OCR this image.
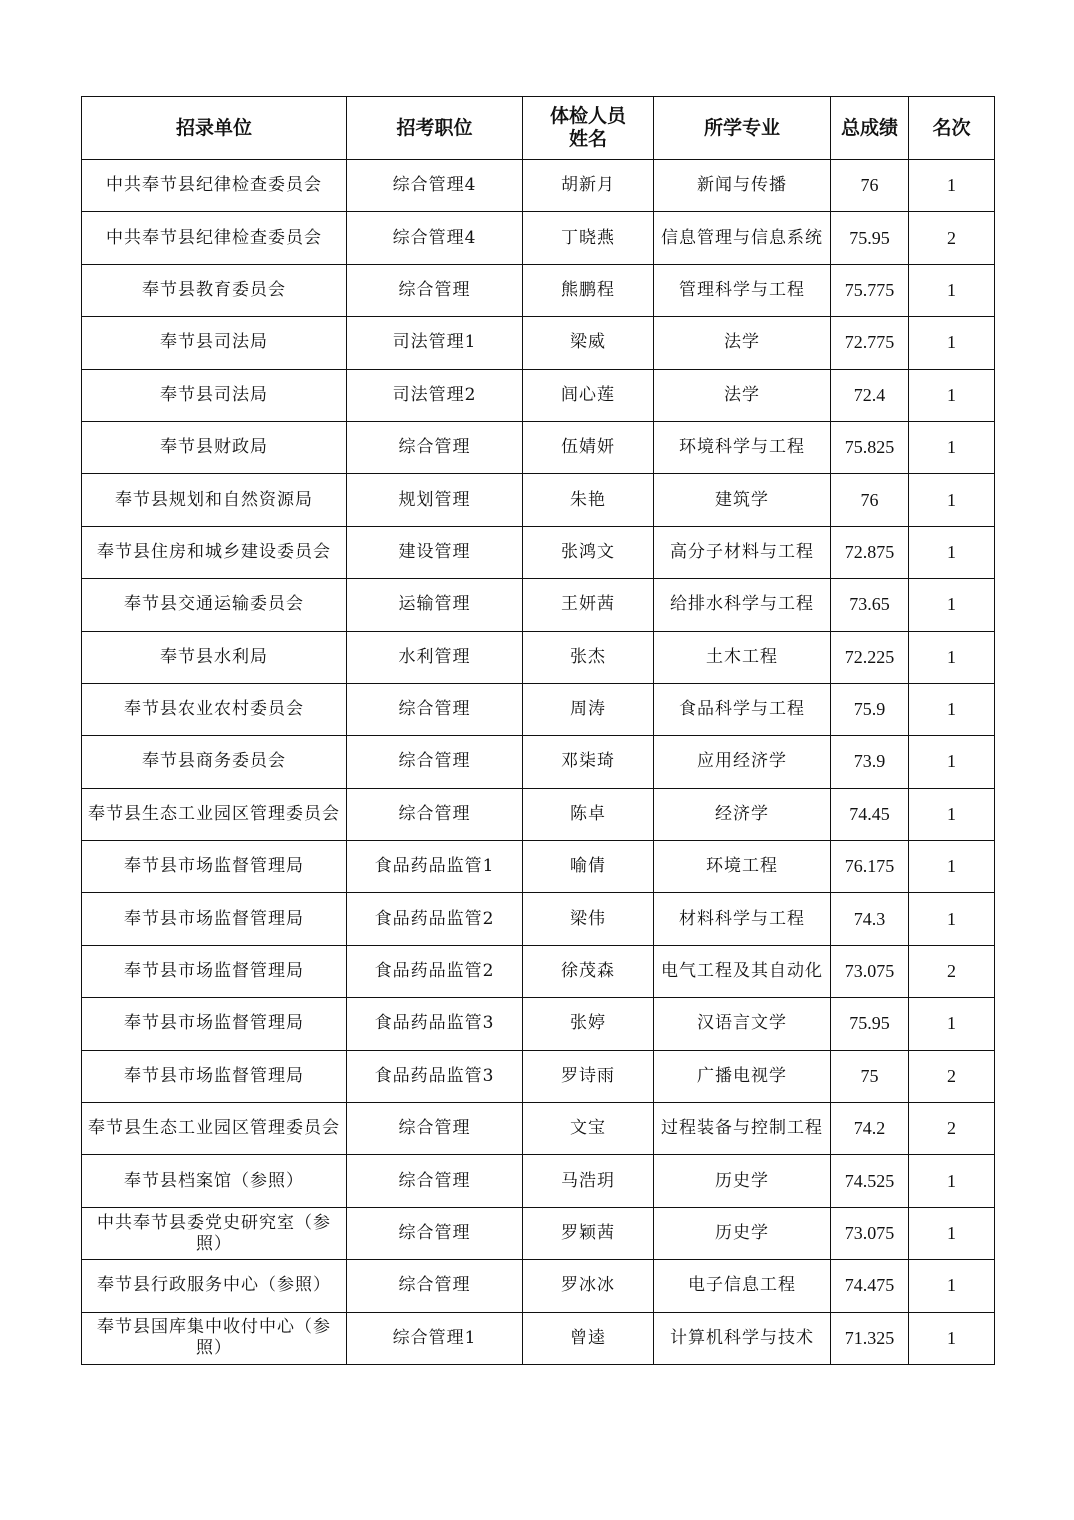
招录单位	招考职位	体检人员姓名	所学专业	总成绩	名次
中共奉节县纪律检查委员会	综合管理4	胡新月	新闻与传播	76	1
中共奉节县纪律检查委员会	综合管理4	丁晓燕	信息管理与信息系统	75.95	2
奉节县教育委员会	综合管理	熊鹏程	管理科学与工程	75.775	1
奉节县司法局	司法管理1	梁威	法学	72.775	1
奉节县司法局	司法管理2	闾心莲	法学	72.4	1
奉节县财政局	综合管理	伍婧妍	环境科学与工程	75.825	1
奉节县规划和自然资源局	规划管理	朱艳	建筑学	76	1
奉节县住房和城乡建设委员会	建设管理	张鸿文	高分子材料与工程	72.875	1
奉节县交通运输委员会	运输管理	王妍茜	给排水科学与工程	73.65	1
奉节县水利局	水利管理	张杰	土木工程	72.225	1
奉节县农业农村委员会	综合管理	周涛	食品科学与工程	75.9	1
奉节县商务委员会	综合管理	邓柒琦	应用经济学	73.9	1
奉节县生态工业园区管理委员会	综合管理	陈卓	经济学	74.45	1
奉节县市场监督管理局	食品药品监管1	喻倩	环境工程	76.175	1
奉节县市场监督管理局	食品药品监管2	梁伟	材料科学与工程	74.3	1
奉节县市场监督管理局	食品药品监管2	徐茂森	电气工程及其自动化	73.075	2
奉节县市场监督管理局	食品药品监管3	张婷	汉语言文学	75.95	1
奉节县市场监督管理局	食品药品监管3	罗诗雨	广播电视学	75	2
奉节县生态工业园区管理委员会	综合管理	文宝	过程装备与控制工程	74.2	2
奉节县档案馆（参照）	综合管理	马浩玥	历史学	74.525	1
中共奉节县委党史研究室（参照）	综合管理	罗颖茜	历史学	73.075	1
奉节县行政服务中心（参照）	综合管理	罗冰冰	电子信息工程	74.475	1
奉节县国库集中收付中心（参照）	综合管理1	曾逵	计算机科学与技术	71.325	1
